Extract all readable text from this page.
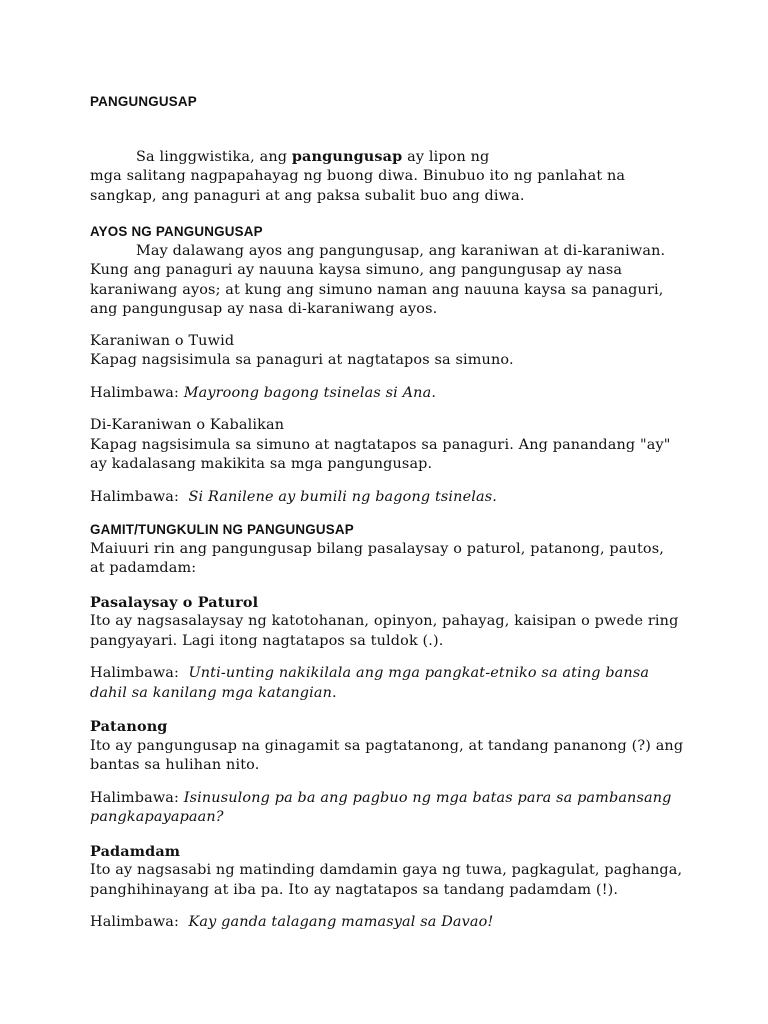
PANGUNGUSAP

Sa linggwistika, ang pangungusap ay lipon ng

mga salitang nagpapahayag ng buong diwa. Binubuo ito ng panlahat na sangkap, ang panaguri at ang paksa subalit buo ang diwa.

AYOS NG PANGUNGUSAP

May dalawang ayos ang pangungusap, ang karaniwan at di-karaniwan. Kung ang panaguri ay nauuna kaysa simuno, ang pangungusap ay nasa karaniwang ayos; at kung ang simuno naman ang nauuna kaysa sa panaguri, ang pangungusap ay nasa di-karaniwang ayos.

Karaniwan o Tuwid

Kapag nagsisimula sa panaguri at nagtatapos sa simuno.

Halimbawa: Mayroong bagong tsinelas si Ana.

Di-Karaniwan o Kabalikan

Kapag nagsisimula sa simuno at nagtatapos sa panaguri. Ang panandang "ay" ay kadalasang makikita sa mga pangungusap.

Halimbawa:  Si Ranilene ay bumili ng bagong tsinelas.

GAMIT/TUNGKULIN NG PANGUNGUSAP

Maiuuri rin ang pangungusap bilang pasalaysay o paturol, patanong, pautos, at padamdam:

Pasalaysay o Paturol

Ito ay nagsasalaysay ng katotohanan, opinyon, pahayag, kaisipan o pwede ring pangyayari. Lagi itong nagtatapos sa tuldok (.).

Halimbawa:  Unti-unting nakikilala ang mga pangkat-etniko sa ating bansa dahil sa kanilang mga katangian.

Patanong

Ito ay pangungusap na ginagamit sa pagtatanong, at tandang pananong (?) ang bantas sa hulihan nito.

Halimbawa: Isinusulong pa ba ang pagbuo ng mga batas para sa pambansang pangkapayapaan?

Padamdam

Ito ay nagsasabi ng matinding damdamin gaya ng tuwa, pagkagulat, paghanga, panghihinayang at iba pa. Ito ay nagtatapos sa tandang padamdam (!).

Halimbawa:  Kay ganda talagang mamasyal sa Davao!
